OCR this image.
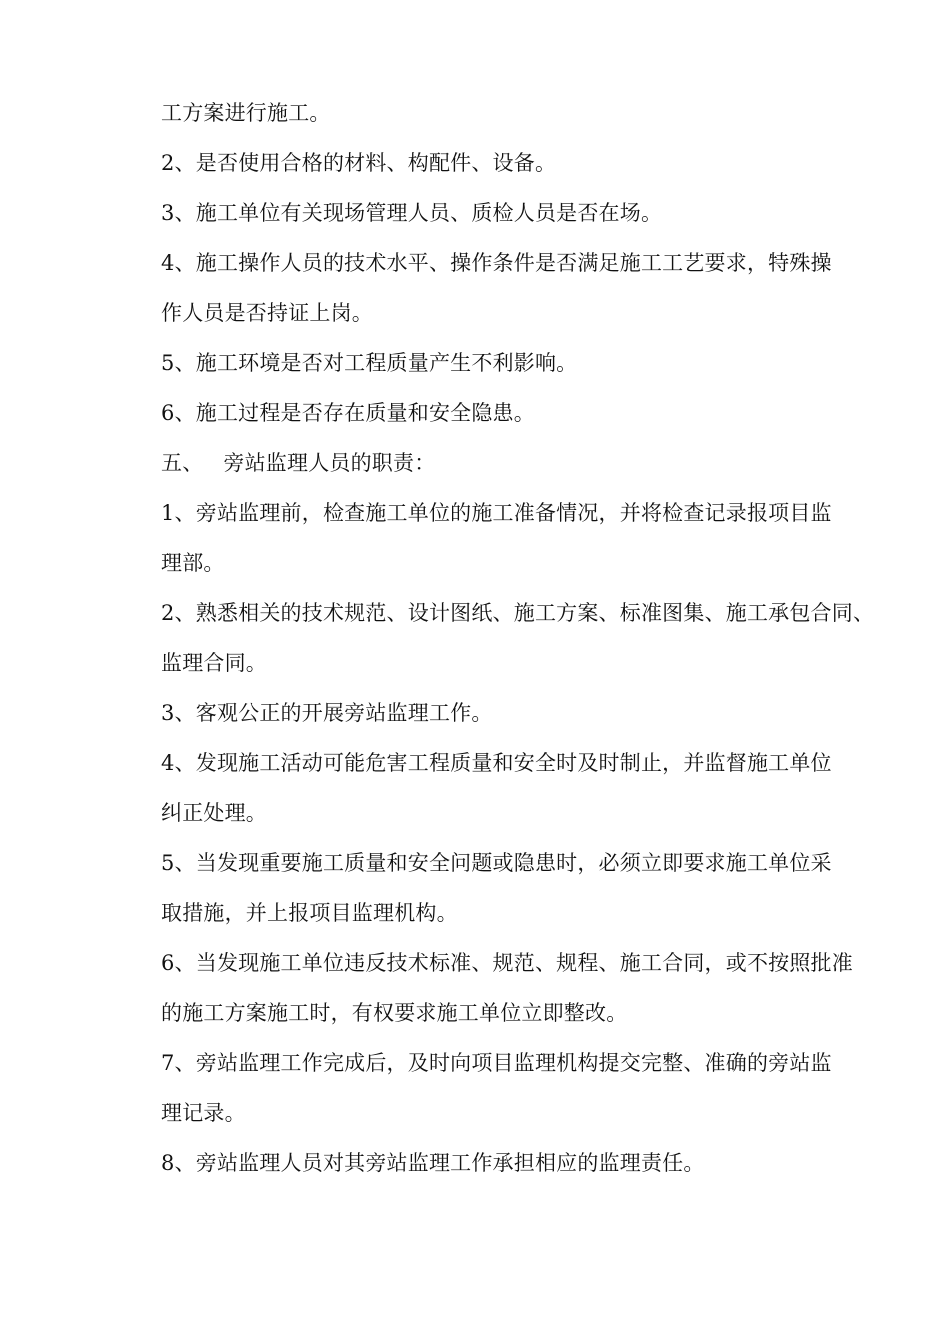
工方案进行施工。
2、是否使用合格的材料、构配件、设备。
3、施工单位有关现场管理人员、质检人员是否在场。
4、施工操作人员的技术水平、操作条件是否满足施工工艺要求，特殊操
作人员是否持证上岗。
5、施工环境是否对工程质量产生不利影响。
6、施工过程是否存在质量和安全隐患。
五、 旁站监理人员的职责：
1、旁站监理前，检查施工单位的施工准备情况，并将检查记录报项目监
理部。
2、熟悉相关的技术规范、设计图纸、施工方案、标准图集、施工承包合同、
监理合同。
3、客观公正的开展旁站监理工作。
4、发现施工活动可能危害工程质量和安全时及时制止，并监督施工单位
纠正处理。
5、当发现重要施工质量和安全问题或隐患时，必须立即要求施工单位采
取措施，并上报项目监理机构。
6、当发现施工单位违反技术标准、规范、规程、施工合同，或不按照批准
的施工方案施工时，有权要求施工单位立即整改。
7、旁站监理工作完成后，及时向项目监理机构提交完整、准确的旁站监
理记录。
8、旁站监理人员对其旁站监理工作承担相应的监理责任。
